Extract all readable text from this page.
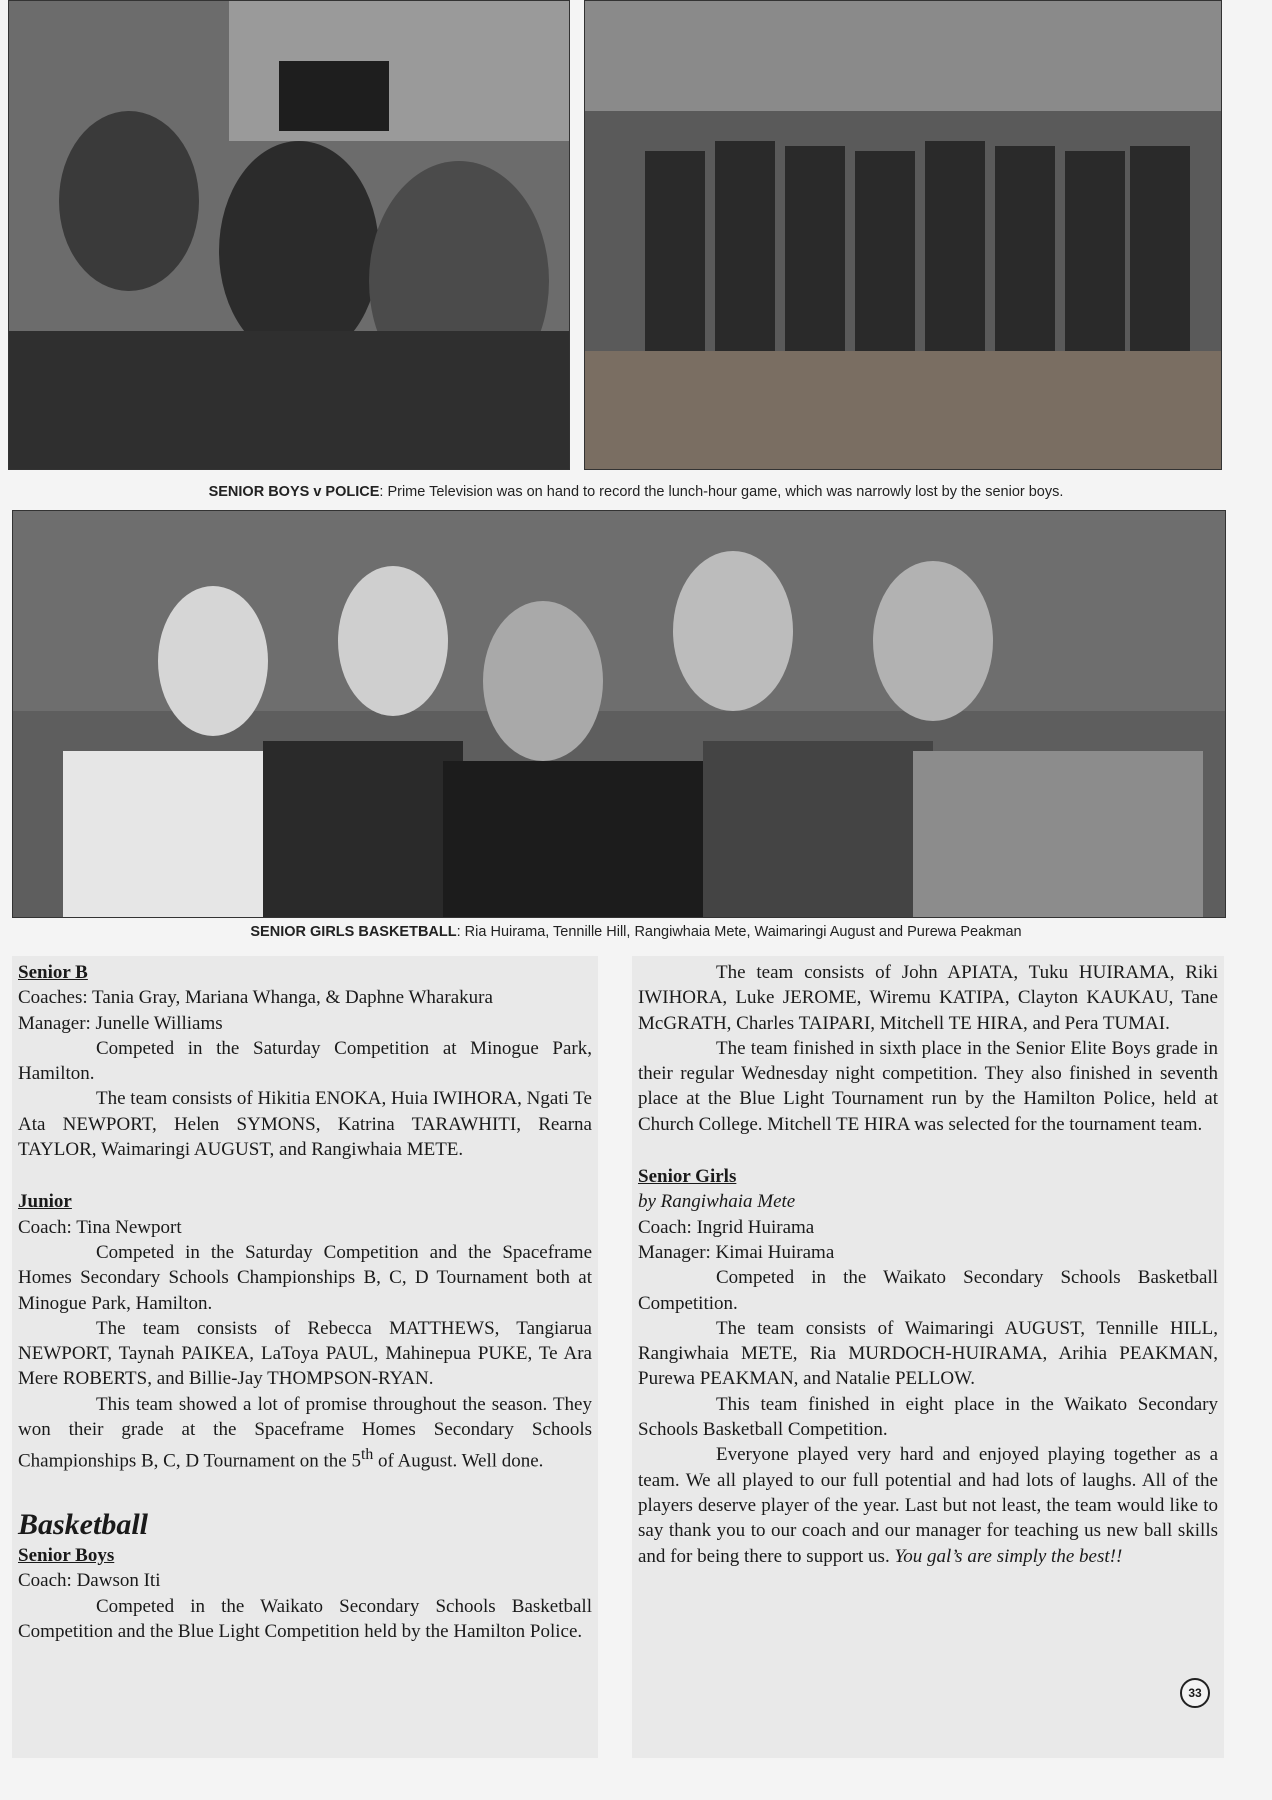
SENIOR BOYS v POLICE: Prime Television was on hand to record the lunch-hour game, which was narrowly lost by the senior boys.
SENIOR GIRLS BASKETBALL: Ria Huirama, Tennille Hill, Rangiwhaia Mete, Waimaringi August and Purewa Peakman
Senior B

Coaches: Tania Gray, Mariana Whanga, & Daphne Wharakura

Manager: Junelle Williams

Competed in the Saturday Competition at Minogue Park, Hamilton.

The team consists of Hikitia ENOKA, Huia IWIHORA, Ngati Te Ata NEWPORT, Helen SYMONS, Katrina TARAWHITI, Rearna TAYLOR, Waimaringi AUGUST, and Rangiwhaia METE.

Junior

Coach: Tina Newport

Competed in the Saturday Competition and the Spaceframe Homes Secondary Schools Championships B, C, D Tournament both at Minogue Park, Hamilton.

The team consists of Rebecca MATTHEWS, Tangiarua NEWPORT, Taynah PAIKEA, LaToya PAUL, Mahinepua PUKE, Te Ara Mere ROBERTS, and Billie-Jay THOMPSON-RYAN.

This team showed a lot of promise throughout the season. They won their grade at the Spaceframe Homes Secondary Schools Championships B, C, D Tournament on the 5th of August. Well done.

Basketball
Senior Boys

Coach: Dawson Iti

Competed in the Waikato Secondary Schools Basketball Competition and the Blue Light Competition held by the Hamilton Police.

The team consists of John APIATA, Tuku HUIRAMA, Riki IWIHORA, Luke JEROME, Wiremu KATIPA, Clayton KAUKAU, Tane McGRATH, Charles TAIPARI, Mitchell TE HIRA, and Pera TUMAI.

The team finished in sixth place in the Senior Elite Boys grade in their regular Wednesday night competition. They also finished in seventh place at the Blue Light Tournament run by the Hamilton Police, held at Church College. Mitchell TE HIRA was selected for the tournament team.

Senior Girls

by Rangiwhaia Mete

Coach: Ingrid Huirama

Manager: Kimai Huirama

Competed in the Waikato Secondary Schools Basketball Competition.

The team consists of Waimaringi AUGUST, Tennille HILL, Rangiwhaia METE, Ria MURDOCH-HUIRAMA, Arihia PEAKMAN, Purewa PEAKMAN, and Natalie PELLOW.

This team finished in eight place in the Waikato Secondary Schools Basketball Competition.

Everyone played very hard and enjoyed playing together as a team. We all played to our full potential and had lots of laughs. All of the players deserve player of the year. Last but not least, the team would like to say thank you to our coach and our manager for teaching us new ball skills and for being there to support us. You gal’s are simply the best!!

33
